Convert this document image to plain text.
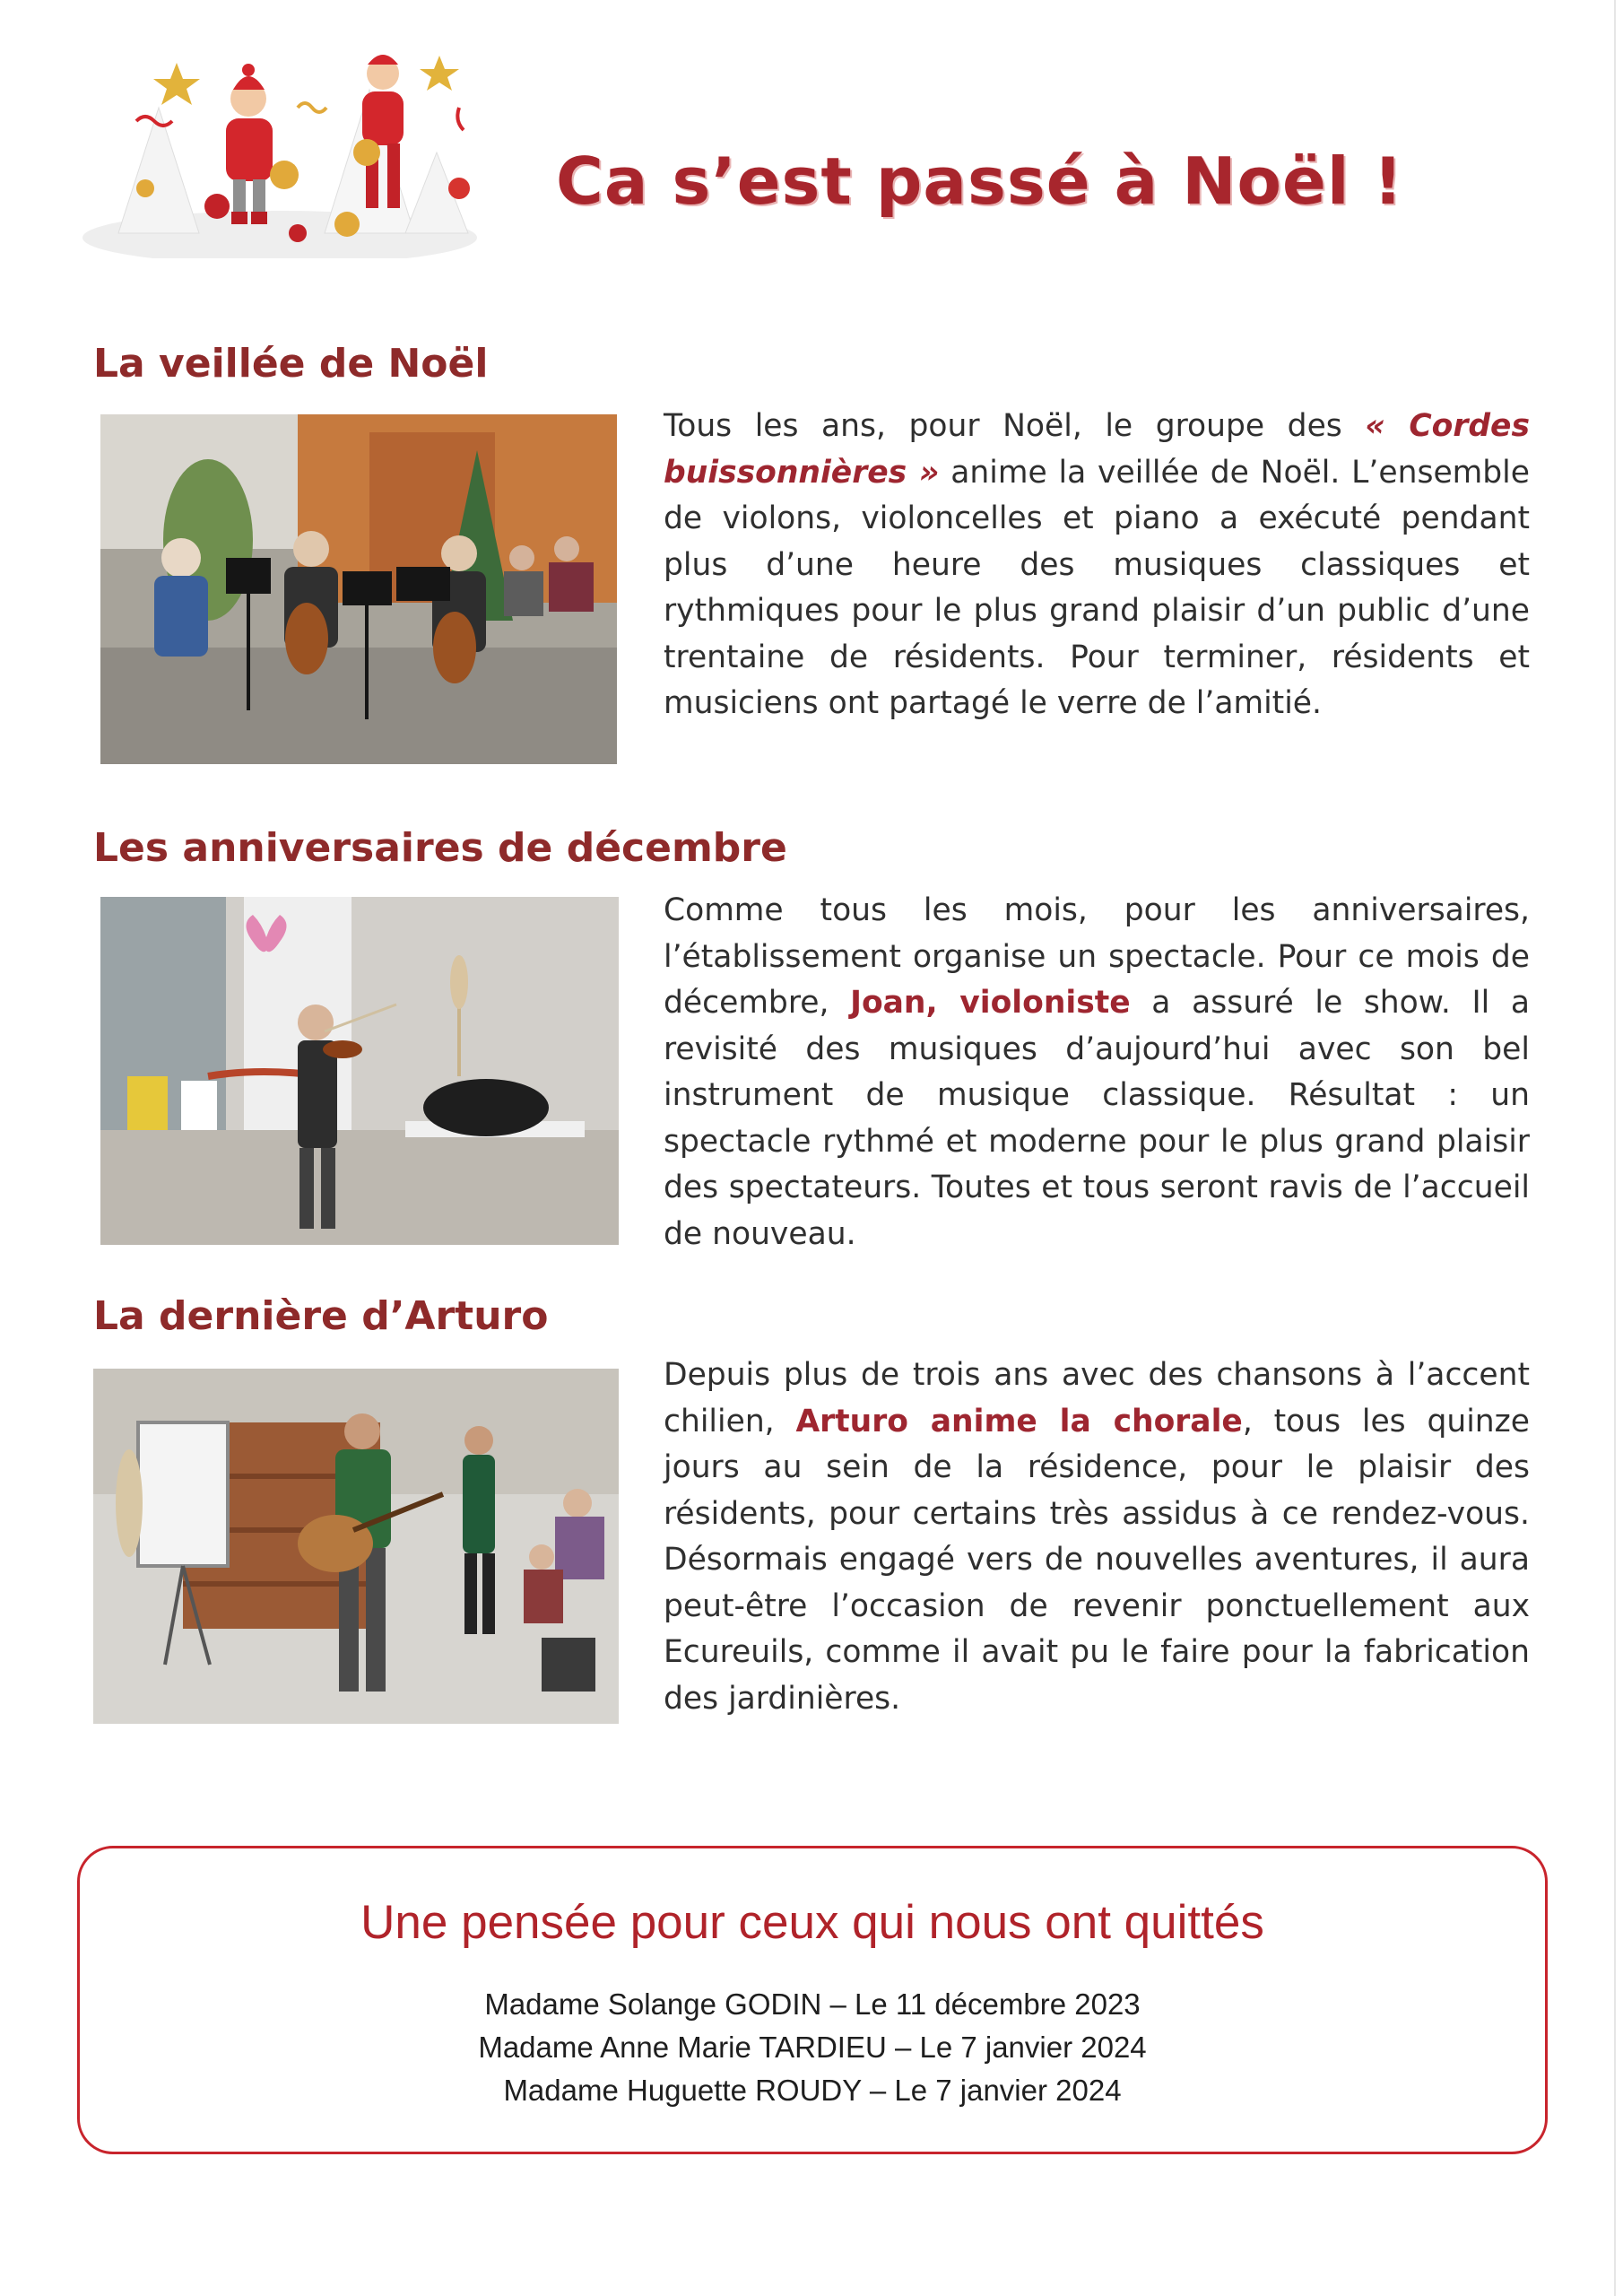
Ca s’est passé à Noël !
La veillée de Noël
Tous les ans, pour Noël, le groupe des « Cordes buissonnières » anime la veillée de Noël. L’ensemble de violons, violoncelles et piano a exécuté pendant plus d’une heure des musiques classiques et rythmiques pour le plus grand plaisir d’un public d’une trentaine de résidents. Pour terminer, résidents et musiciens ont partagé le verre de l’amitié.
Les anniversaires de décembre
Comme tous les mois, pour les anniversaires, l’établissement organise un spectacle. Pour ce mois de décembre, Joan, violoniste a assuré le show. Il a revisité des musiques d’aujourd’hui avec son bel instrument de musique classique. Résultat : un spectacle rythmé et moderne pour le plus grand plaisir des spectateurs. Toutes et tous seront ravis de l’accueil de nouveau.
La dernière d’Arturo
Depuis plus de trois ans avec des chansons à l’accent chilien, Arturo anime la chorale, tous les quinze jours au sein de la résidence, pour le plaisir des résidents, pour certains très assidus à ce rendez-vous. Désormais engagé vers de nouvelles aventures, il aura peut-être l’occasion de revenir ponctuellement aux Ecureuils, comme il avait pu le faire pour la fabrication des jardinières.
Une pensée pour ceux qui nous ont quittés
Madame Solange GODIN – Le 11 décembre 2023
Madame Anne Marie TARDIEU – Le 7 janvier 2024
Madame Huguette ROUDY – Le 7 janvier 2024
